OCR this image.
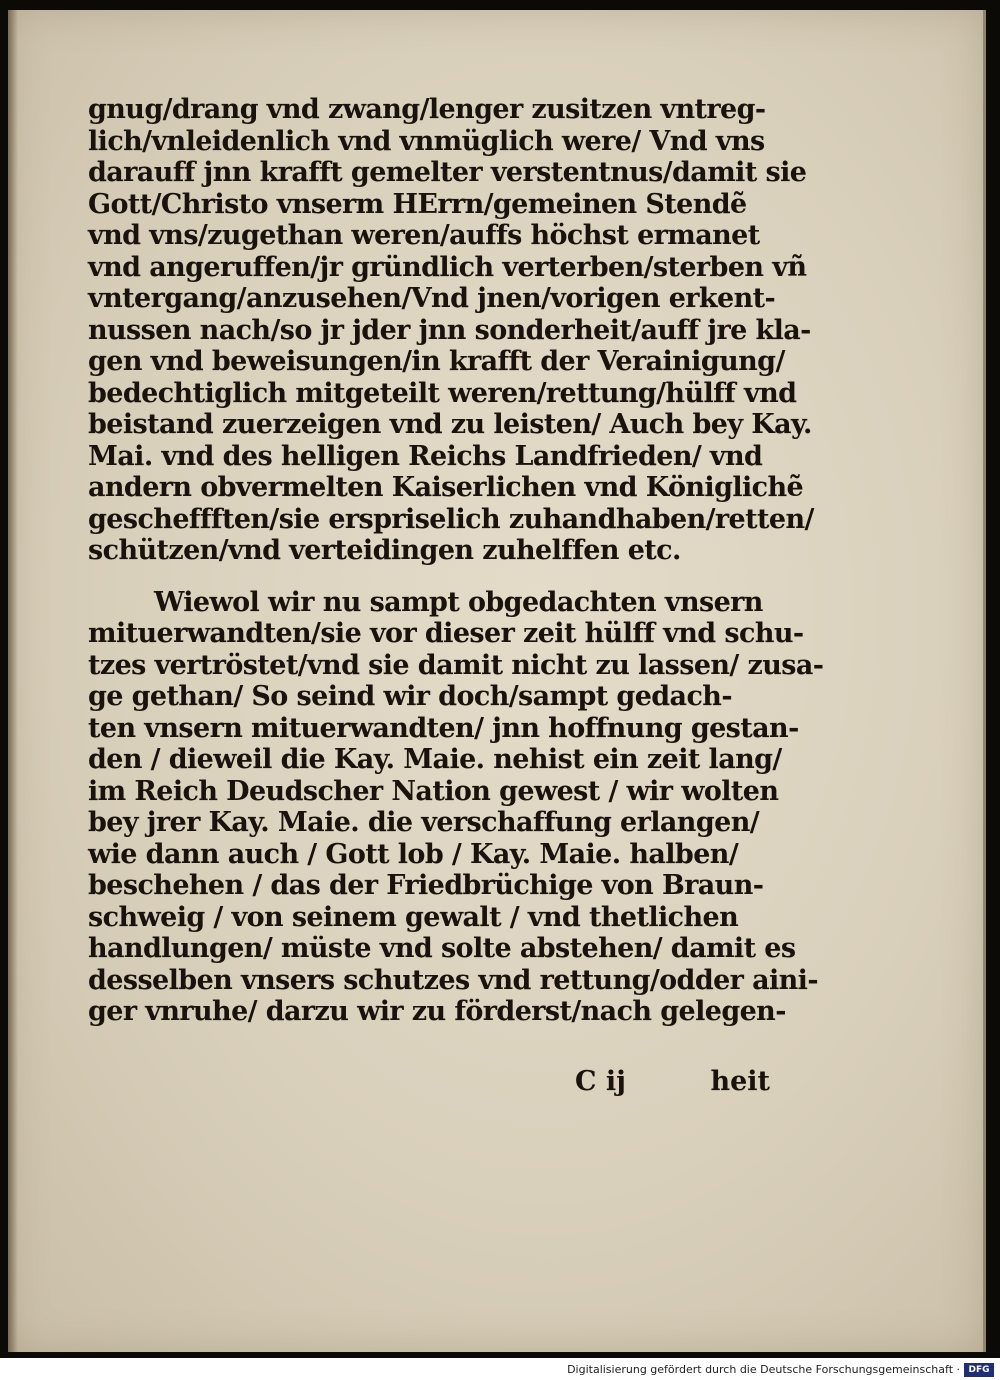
gnug/drang vnd zwang/lenger zusitzen vntreg-
lich/vnleidenlich vnd vnmüglich were/ Vnd vns
darauff jnn krafft gemelter verstentnus/damit sie
Gott/Christo vnserm HErrn/gemeinen Stendẽ
vnd vns/zugethan weren/auffs höchst ermanet
vnd angeruffen/jr gründlich verterben/sterben vñ
vntergang/anzusehen/Vnd jnen/vorigen erkent-
nussen nach/so jr jder jnn sonderheit/auff jre kla-
gen vnd beweisungen/in krafft der Verainigung/
bedechtiglich mitgeteilt weren/rettung/hülff vnd
beistand zuerzeigen vnd zu leisten/ Auch bey Kay.
Mai. vnd des helligen Reichs Landfrieden/ vnd
andern obvermelten Kaiserlichen vnd Königlichẽ
gescheffften/sie erspriselich zuhandhaben/retten/
schützen/vnd verteidingen zuhelffen etc.
Wiewol wir nu sampt obgedachten vnsern
mituerwandten/sie vor dieser zeit hülff vnd schu-
tzes vertröstet/vnd sie damit nicht zu lassen/ zusa-
ge gethan/ So seind wir doch/sampt gedach-
ten vnsern mituerwandten/ jnn hoffnung gestan-
den / dieweil die Kay. Maie. nehist ein zeit lang/
im Reich Deudscher Nation gewest / wir wolten
bey jrer Kay. Maie. die verschaffung erlangen/
wie dann auch / Gott lob / Kay. Maie. halben/
beschehen / das der Friedbrüchige von Braun-
schweig / von seinem gewalt / vnd thetlichen
handlungen/ müste vnd solte abstehen/ damit es
desselben vnsers schutzes vnd rettung/odder aini-
ger vnruhe/ darzu wir zu förderst/nach gelegen-
C ij	heit
Digitalisierung gefördert durch die Deutsche Forschungsgemeinschaft · DFG
